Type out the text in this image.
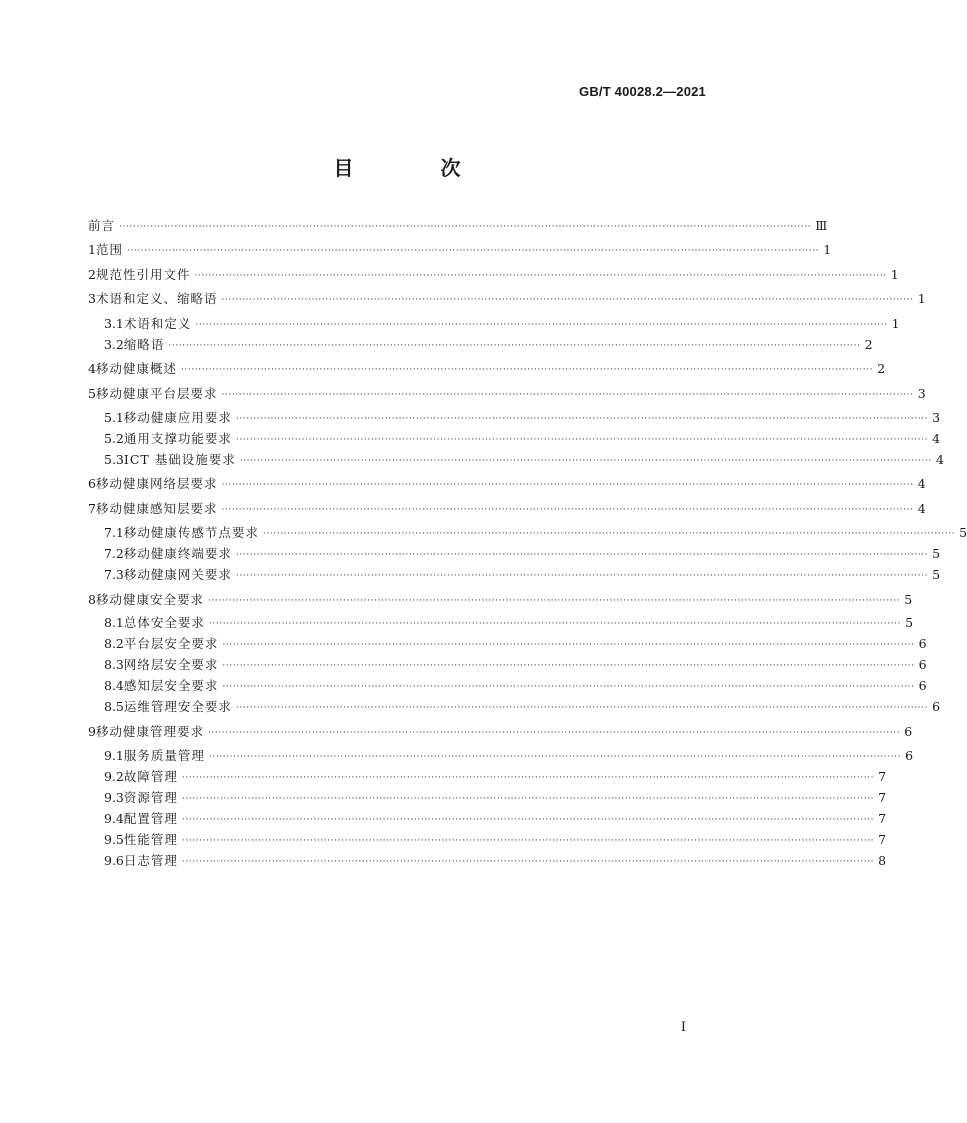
GB/T 40028.2—2021
目 次
前言 ········································································································································································································ Ⅲ
1 范围 ········································································································································································································ 1
2 规范性引用文件 ········································································································································································································ 1
3 术语和定义、缩略语 ········································································································································································································ 1
3.1 术语和定义 ········································································································································································································ 1
3.2 缩略语 ········································································································································································································ 2
4 移动健康概述 ········································································································································································································ 2
5 移动健康平台层要求 ········································································································································································································ 3
5.1 移动健康应用要求 ········································································································································································································ 3
5.2 通用支撑功能要求 ········································································································································································································ 4
5.3 ICT 基础设施要求 ········································································································································································································ 4
6 移动健康网络层要求 ········································································································································································································ 4
7 移动健康感知层要求 ········································································································································································································ 4
7.1 移动健康传感节点要求 ········································································································································································································ 5
7.2 移动健康终端要求 ········································································································································································································ 5
7.3 移动健康网关要求 ········································································································································································································ 5
8 移动健康安全要求 ········································································································································································································ 5
8.1 总体安全要求 ········································································································································································································ 5
8.2 平台层安全要求 ········································································································································································································ 6
8.3 网络层安全要求 ········································································································································································································ 6
8.4 感知层安全要求 ········································································································································································································ 6
8.5 运维管理安全要求 ········································································································································································································ 6
9 移动健康管理要求 ········································································································································································································ 6
9.1 服务质量管理 ········································································································································································································ 6
9.2 故障管理 ········································································································································································································ 7
9.3 资源管理 ········································································································································································································ 7
9.4 配置管理 ········································································································································································································ 7
9.5 性能管理 ········································································································································································································ 7
9.6 日志管理 ········································································································································································································ 8
I
